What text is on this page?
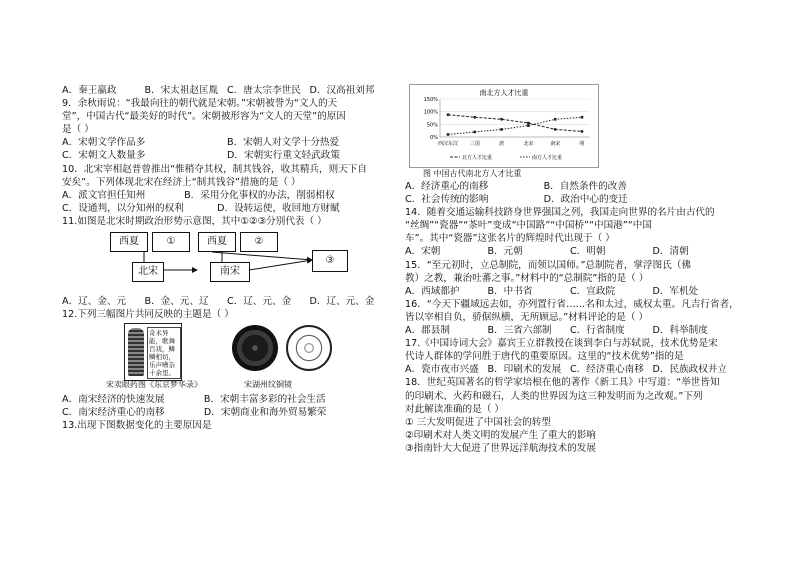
A．秦王嬴政	B．宋太祖赵匡胤 C．唐太宗李世民 D．汉高祖刘邦
9．余秋雨说：“我最向往的朝代就是宋朝。”宋朝被誉为“文人的天
堂”，中国古代“最美好的时代”。宋朝被形容为“文人的天堂”的原因
是（ ）
A．宋朝文学作品多	B．宋朝人对文学十分热爱
C．宋朝文人数量多	D．宋朝实行重文轻武政策
10．北宋宰相赵普曾推出“惟稍夺其权，制其钱谷，收其精兵，则天下自
安矣”。下列体现北宋在经济上“制其钱谷”措施的是（ ）
A．派文官担任知州	B．采用分化事权的办法，削弱相权
C．设通判，以分知州的权利	D．设转运使，收回地方财赋
11.如图是北宋时期政治形势示意图，其中①②③分别代表（ ）
西夏	①	西夏	②
北宋	南宋
③
A．辽、金、元	B．金、元、辽	C．辽、元、金	D．辽、元、金
12.下列三幅图片共同反映的主题是（ ）
奇术异能，歌舞百戏，鳞鳞相切，乐声嘈杂十余里。
宋卖眼药图《东京梦华录》	宋湖州纹铜镜
A．南宋经济的快速发展	B．宋朝丰富多彩的社会生活
C．南宋经济重心的南移	D．宋朝商业和海外贸易繁荣
13.出现下图数据变化的主要原因是
南北方人才比重
150%
100%
50%
0%
西汉东汉 三国	唐	北宋	南宋	明
北方人才比重	南方人才比重
图 中国古代南北方人才比重
A．经济重心的南移	B．自然条件的改善
C．社会传统的影响	D．政治中心的变迁
14．随着交通运输科技跻身世界强国之列，我国走向世界的名片由古代的
“丝绸”“瓷器”“茶叶”变成“中国路”“中国桥”“中国港”“中国
车”。其中“瓷器”这张名片的辉煌时代出现于（ ）
A．宋朝	B．元朝	C．明朝	D．清朝
15．“至元初时，立总制院，而领以国师。”总制院者，掌浮图氏（佛
教）之教，兼治吐蕃之事。”材料中的“总制院”指的是（ ）
A．西域都护	B．中书省	C．宣政院	D．军机处
16．“今天下疆域远去如，亦列置行省……名和太过，威权太重。凡吉行省者，
皆以宰相自负，骄倨纵横，无所顾忌。”材料评论的是（ ）
A．郡县制	B．三省六部制	C．行省制度	D．科举制度
17.《中国诗词大会》嘉宾王立群教授在谈到李白与苏轼说，技术优势是宋
代诗人群体的学问胜于唐代的重要原因。这里的“技术优势”指的是
A．瓷市夜市兴盛 B．印刷术的发展 C．经济重心南移 D．民族政权并立
18．世纪英国著名的哲学家培根在他的著作《新工具》中写道：“举世皆知
的印刷术、火药和磁石，人类的世界因为这三种发明而为之改观。”下列
对此解读准确的是（ ）
① 三大发明促进了中国社会的转型
②印刷术对人类文明的发展产生了重大的影响
③指南针大大促进了世界远洋航海技术的发展
